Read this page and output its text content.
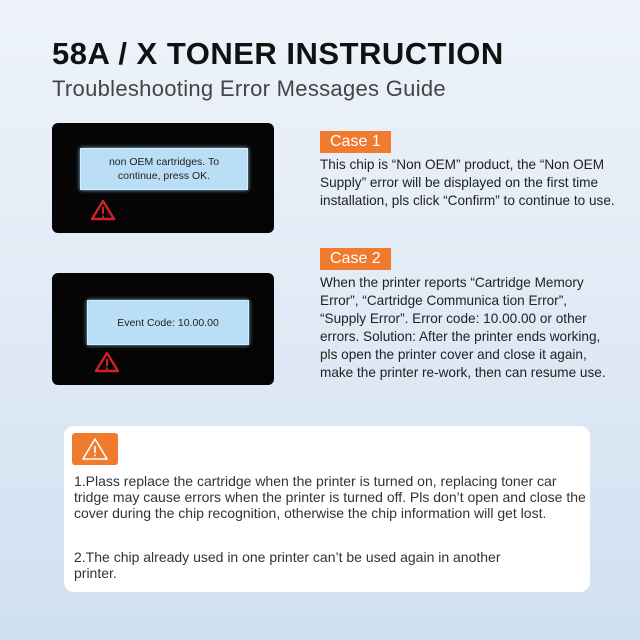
58A / X TONER INSTRUCTION
Troubleshooting Error Messages Guide
non OEM cartridges. To continue, press OK.
Event Code: 10.00.00
Case 1
This chip is “Non OEM” product, the “Non OEM Supply” error will be displayed on the first time installation, pls click “Confirm” to continue to use.
Case 2
When the printer reports “Cartridge Memory Error”, “Cartridge Communica tion Error”, “Supply Error”. Error code: 10.00.00 or other errors. Solution: After the printer ends working, pls open the printer cover and close it again, make the printer re-work, then can resume use.
1.Plass replace the cartridge when the printer is turned on, replacing toner car tridge may cause errors when the printer is turned off. Pls don’t open and close the cover during the chip recognition, otherwise the chip information will get lost.
2.The chip already used in one printer can’t be used again in another printer.
